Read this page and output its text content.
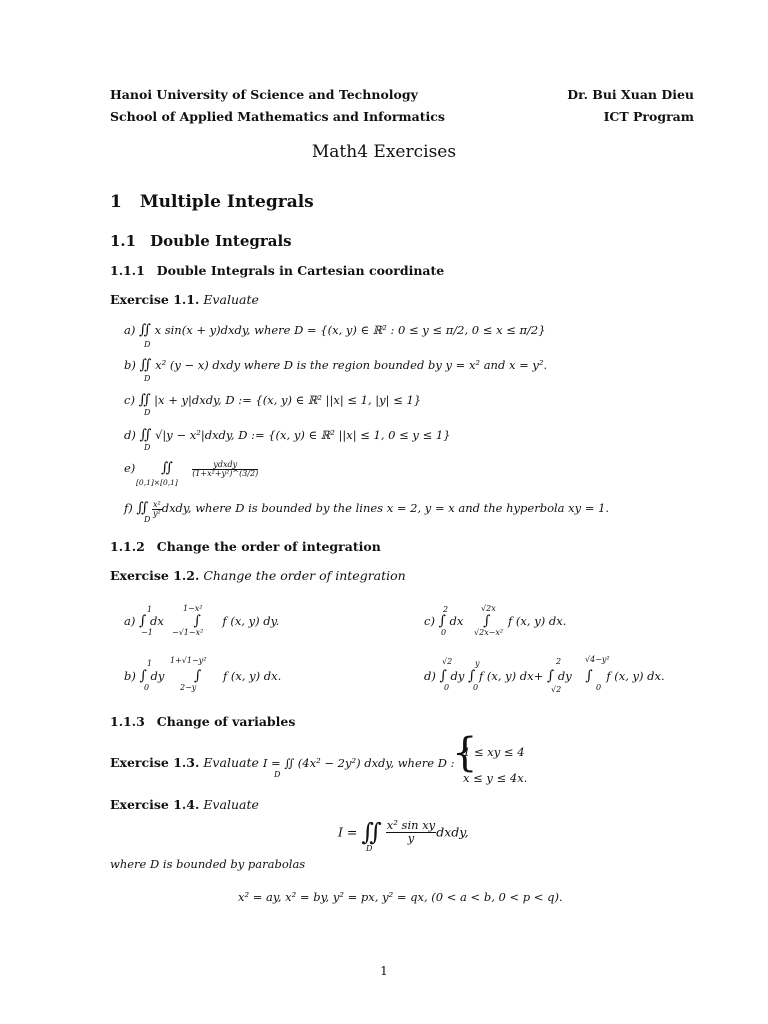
Hanoi University of Science and Technology
School of Applied Mathematics and Informatics
Dr. Bui Xuan Dieu
ICT Program
Math4 Exercises
1 Multiple Integrals
1.1 Double Integrals
1.1.1 Double Integrals in Cartesian coordinate
Exercise 1.1. Evaluate
a) ∬ x sin(x + y)dxdy, where D = {(x, y) ∈ ℝ² : 0 ≤ y ≤ π/2, 0 ≤ x ≤ π/2}
D
b) ∬ x² (y − x) dxdy where D is the region bounded by y = x² and x = y².
D
c) ∬ |x + y|dxdy, D := {(x, y) ∈ ℝ² ||x| ≤ 1, |y| ≤ 1}
D
d) ∬ √|y − x²|dxdy, D := {(x, y) ∈ ℝ² ||x| ≤ 1, 0 ≤ y ≤ 1}
D
e) ∬ $\frac{\text{ydxdy}}{\text{(1+x²+y²)\textasciicircum{}(3/2)}}$
[0,1]×[0,1]
f) ∬ $\frac{\text{x²}}{\text{y²}}$ dxdy, where D is bounded by the lines x = 2, y = x and the hyperbola xy = 1.
D
1.1.2 Change the order of integration
Exercise 1.2. Change the order of integration
a) ∫ dx ∫ f (x, y) dy.
1
−1
1−x²
−√1−x²
b) ∫ dy ∫ f (x, y) dx.
1
0
1+√1−y²
2−y
c) ∫ dx ∫ f (x, y) dx.
2
0
√2x
√2x−x²
d) ∫ dy ∫ f (x, y) dx+ ∫ dy ∫ f (x, y) dx.
√2
0
y
0
2
√2
√4−y²
0
1.1.3 Change of variables
Exercise 1.3. Evaluate I = ∬ (4x² − 2y²) dxdy, where D :
D	{
1 ≤ xy ≤ 4
x ≤ y ≤ 4x.
Exercise 1.4. Evaluate
I = ∬ $\frac{\text{x² sin xy}}{y}$ dxdy,
D
where D is bounded by parabolas
x² = ay, x² = by, y² = px, y² = qx, (0 < a < b, 0 < p < q).
1
